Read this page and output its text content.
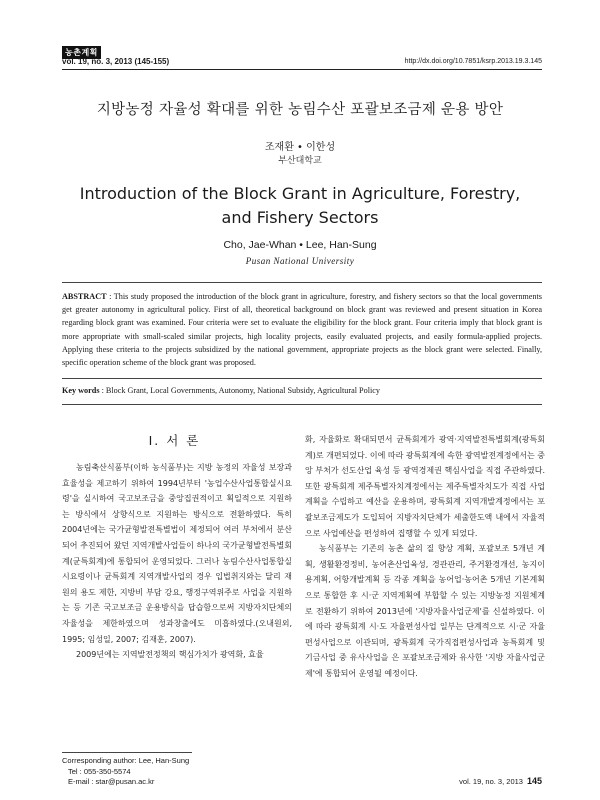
농촌계획
vol. 19, no. 3, 2013 (145-155)	http://dx.doi.org/10.7851/ksrp.2013.19.3.145
지방농정 자율성 확대를 위한 농림수산 포괄보조금제 운용 방안
조재환 • 이한성
부산대학교
Introduction of the Block Grant in Agriculture, Forestry,
and Fishery Sectors
Cho, Jae-Whan • Lee, Han-Sung
Pusan National University
ABSTRACT : This study proposed the introduction of the block grant in agriculture, forestry, and fishery sectors so that the local governments get greater autonomy in agricultural policy. First of all, theoretical background on block grant was reviewed and present situation in Korea regarding block grant was examined. Four criteria were set to evaluate the eligibility for the block grant. Four criteria imply that block grant is more appropriate with small-scaled similar projects, high locality projects, easily evaluated projects, and easily formula-applied projects. Applying these criteria to the projects subsidized by the national government, appropriate projects as the block grant were selected. Finally, specific operation scheme of the block grant was proposed.
Key words : Block Grant, Local Governments, Autonomy, National Subsidy, Agricultural Policy
I. 서 론

농림축산식품부(이하 농식품부)는 지방 농정의 자율성 보장과 효율성을 제고하기 위하여 1994년부터 '농업수산사업통합실시요령'을 실시하여 국고보조금을 중앙집권적이고 획일적으로 지원하는 방식에서 상향식으로 지원하는 방식으로 전환하였다. 특히 2004년에는 국가균형발전특별법이 제정되어 여러 부처에서 분산되어 추진되어 왔던 지역개발사업들이 하나의 국가균형발전특별회계(균특회계)에 통합되어 운영되었다. 그러나 농림수산사업통합실시요령이나 균특회계 지역개발사업의 경우 입법취지와는 달리 재원의 용도 제한, 지방비 부담 강요, 행정구역위주로 사업을 지원하는 등 기존 국고보조금 운용방식을 답습함으로써 지방자치단체의 자율성을 제한하였으며 성과창출에도 미흡하였다.(오내원외, 1995; 임성일, 2007; 김재훈, 2007).

2009년에는 지역발전정책의 핵심가치가 광역화, 효율

화, 자율화로 확대되면서 균특회계가 광역·지역발전특별회계(광특회계)로 개편되었다. 이에 따라 광특회계에 속한 광역발전계정에서는 중앙 부처가 선도산업 육성 등 광역경제권 핵심사업을 직접 주관하였다. 또한 광특회계 제주특별자치계정에서는 제주특별자치도가 직접 사업계획을 수립하고 예산을 운용하며, 광특회계 지역개발계정에서는 포괄보조금제도가 도입되어 지방자치단체가 세출한도액 내에서 자율적으로 사업예산을 편성하여 집행할 수 있게 되었다.

농식품부는 기존의 농촌 삶의 질 향상 계획, 포괄보조 5개년 계획, 생활환경정비, 농어촌산업육성, 경관관리, 주거환경개선, 농지이용계획, 어항개발계획 등 각종 계획을 농어업·농어촌 5개년 기본계획으로 통합한 후 시·군 지역계획에 부합할 수 있는 지방농정 지원체계로 전환하기 위하여 2013년에 '지방자율사업군제'를 신설하였다. 이에 따라 광특회계 시·도 자율편성사업 일부는 단계적으로 시·군 자율편성사업으로 이관되며, 광특회계 국가직접편성사업과 농특회계 및 기금사업 중 유사사업을 은 포괄보조금제와 유사한 '지방 자율사업군제'에 통합되어 운영될 예정이다.

Corresponding author: Lee, Han-Sung
Tel : 055-350-5574
E-mail : star@pusan.ac.kr	vol. 19, no. 3, 2013 145
